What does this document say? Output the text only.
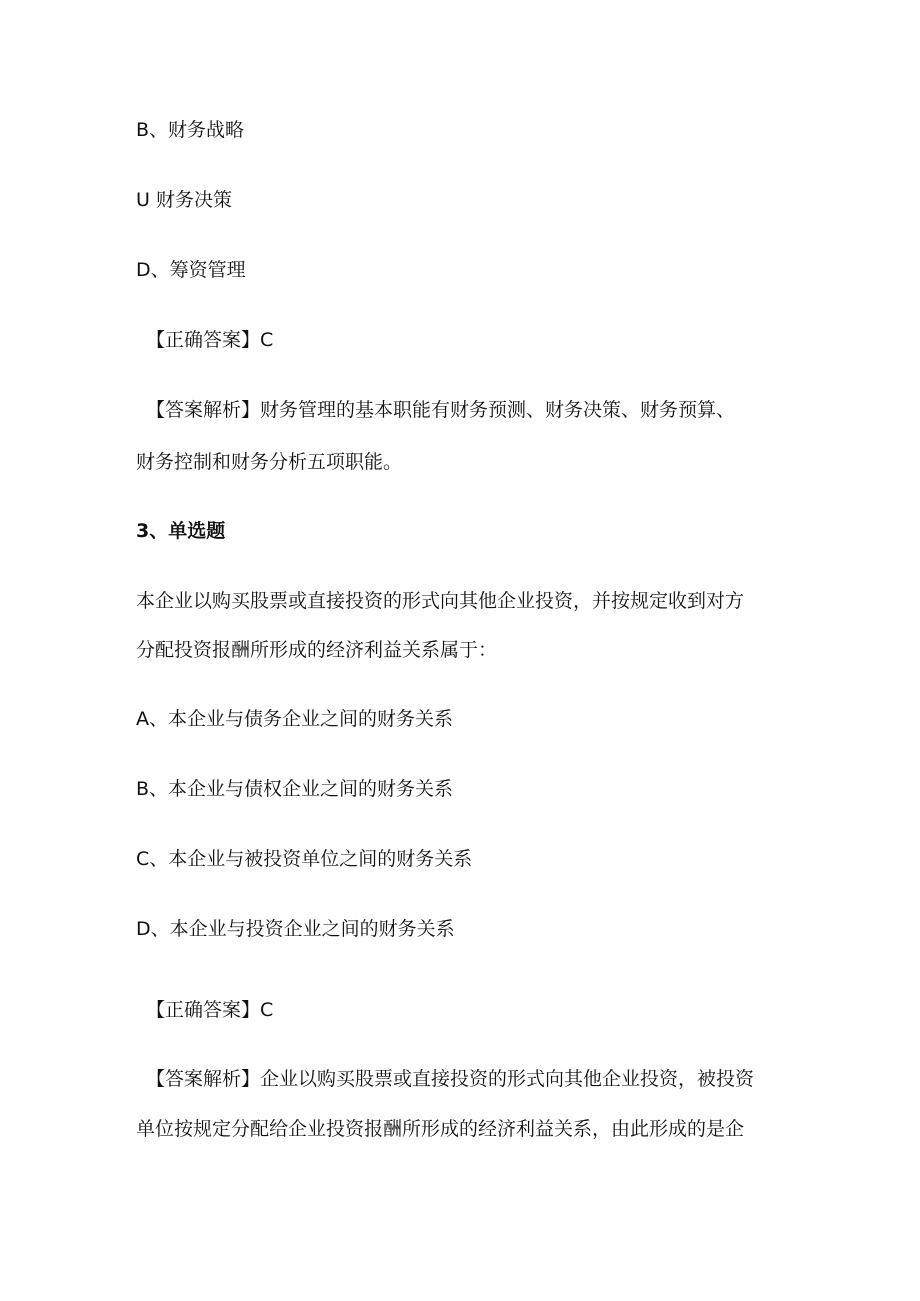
B、财务战略
U 财务决策
D、筹资管理
【正确答案】C
【答案解析】财务管理的基本职能有财务预测、财务决策、财务预算、
财务控制和财务分析五项职能。
3、单选题
本企业以购买股票或直接投资的形式向其他企业投资，并按规定收到对方
分配投资报酬所形成的经济利益关系属于：
A、本企业与债务企业之间的财务关系
B、本企业与债权企业之间的财务关系
C、本企业与被投资单位之间的财务关系
D、本企业与投资企业之间的财务关系
【正确答案】C
【答案解析】企业以购买股票或直接投资的形式向其他企业投资，被投资
单位按规定分配给企业投资报酬所形成的经济利益关系，由此形成的是企
